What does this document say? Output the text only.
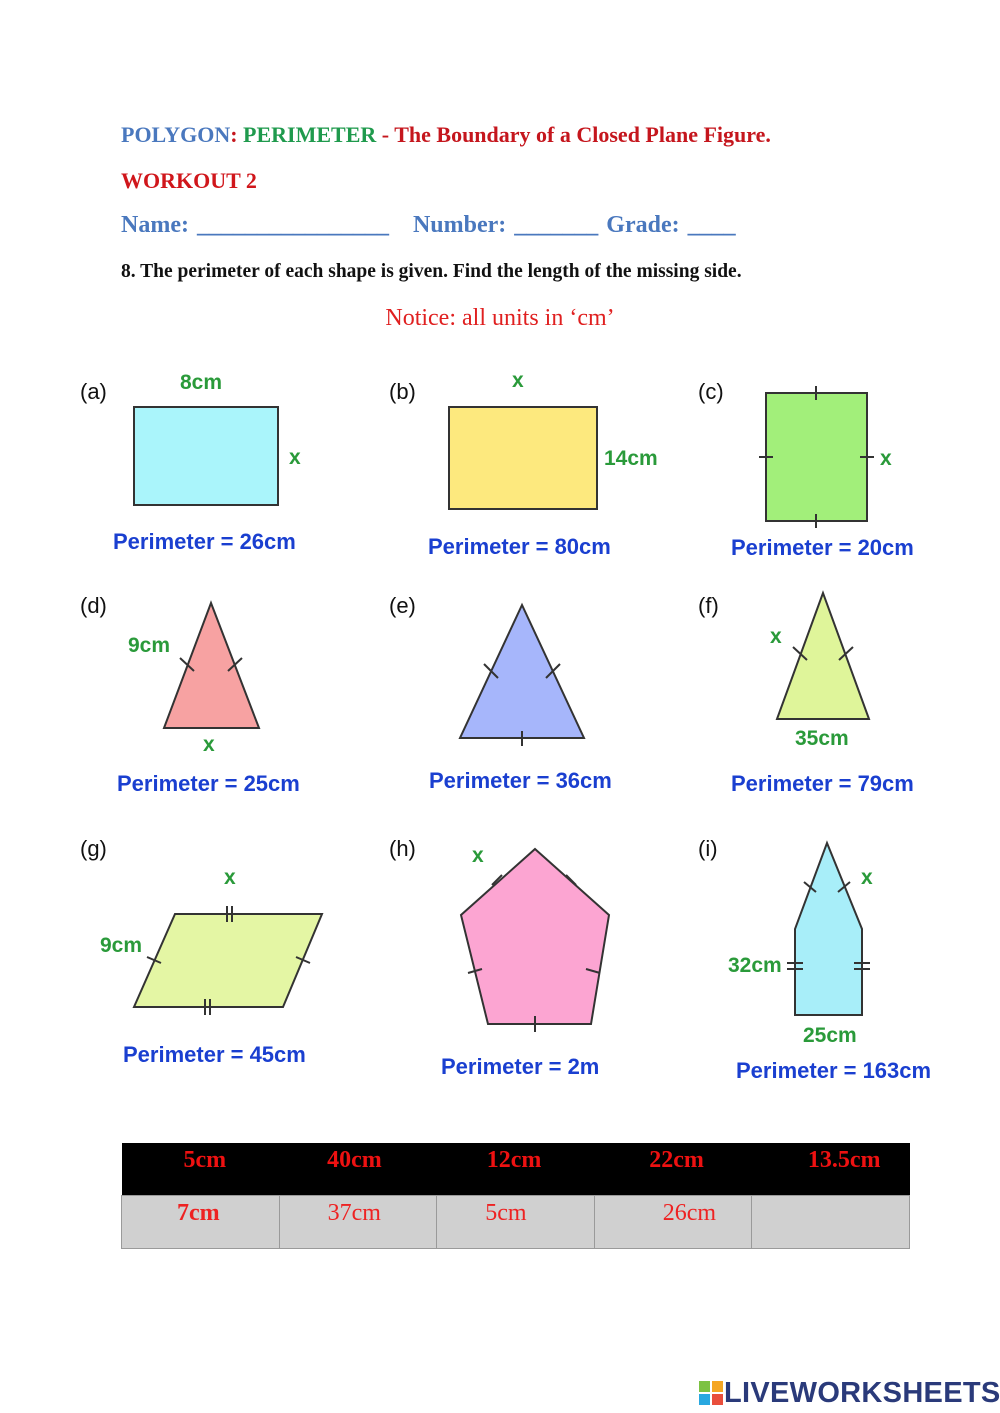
POLYGON: PERIMETER - The Boundary of a Closed Plane Figure.
WORKOUT 2
Name: ________________ Number: _______ Grade: ____
8. The perimeter of each shape is given. Find the length of the missing side.
Notice: all units in ‘cm’
(a)	(b)	(c)
(d)	(e)	(f)
(g)	(h)	(i)
8cm
x
Perimeter = 26cm
x
14cm
Perimeter = 80cm
x
Perimeter = 20cm
9cm
x
Perimeter = 25cm	Perimeter = 36cm
x
35cm
Perimeter = 79cm
x
9cm
Perimeter = 45cm
x
Perimeter = 2m
x
32cm
25cm
Perimeter = 163cm
5cm	40cm	12cm	22cm	13.5cm
7cm	37cm	5cm	26cm	
LIVEWORKSHEETS
